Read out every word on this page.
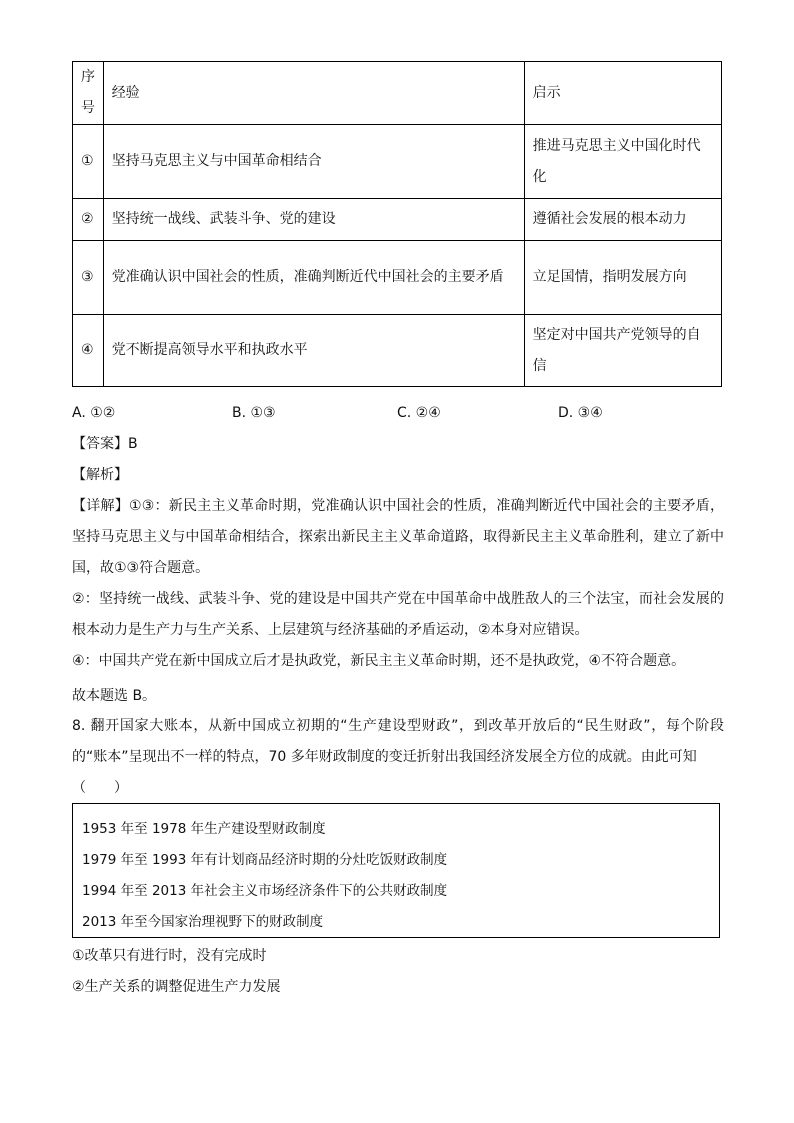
序号	经验	启示
①	坚持马克思主义与中国革命相结合	推进马克思主义中国化时代化
②	坚持统一战线、武装斗争、党的建设	遵循社会发展的根本动力
③	党准确认识中国社会的性质，准确判断近代中国社会的主要矛盾	立足国情，指明发展方向
④	党不断提高领导水平和执政水平	坚定对中国共产党领导的自信
A. ①②	B. ①③	C. ②④	D. ③④
【答案】B
【解析】
【详解】①③：新民主主义革命时期，党准确认识中国社会的性质，准确判断近代中国社会的主要矛盾，坚持马克思主义与中国革命相结合，探索出新民主主义革命道路，取得新民主主义革命胜利，建立了新中国，故①③符合题意。
②：坚持统一战线、武装斗争、党的建设是中国共产党在中国革命中战胜敌人的三个法宝，而社会发展的根本动力是生产力与生产关系、上层建筑与经济基础的矛盾运动，②本身对应错误。
④：中国共产党在新中国成立后才是执政党，新民主主义革命时期，还不是执政党，④不符合题意。
故本题选 B。
8. 翻开国家大账本，从新中国成立初期的“生产建设型财政”，到改革开放后的“民生财政”，每个阶段的“账本”呈现出不一样的特点，70 多年财政制度的变迁折射出我国经济发展全方位的成就。由此可知
（　　）
1953 年至 1978 年生产建设型财政制度
1979 年至 1993 年有计划商品经济时期的分灶吃饭财政制度
1994 年至 2013 年社会主义市场经济条件下的公共财政制度
2013 年至今国家治理视野下的财政制度
①改革只有进行时，没有完成时
②生产关系的调整促进生产力发展
